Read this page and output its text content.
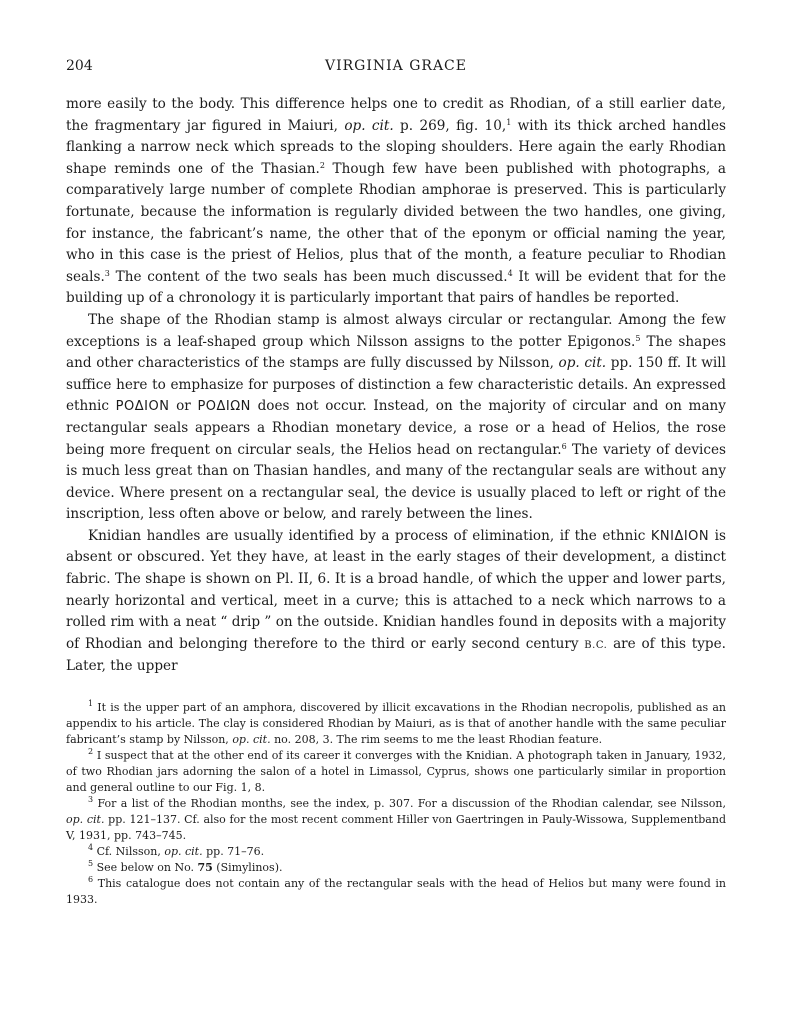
204	VIRGINIA GRACE

more easily to the body. This difference helps one to credit as Rhodian, of a still earlier date, the fragmentary jar figured in Maiuri, op. cit. p. 269, fig. 10,$^1$ with its thick arched handles flanking a narrow neck which spreads to the sloping shoulders. Here again the early Rhodian shape reminds one of the Thasian.$^2$ Though few have been published with photographs, a comparatively large number of complete Rhodian amphorae is preserved. This is particularly fortunate, because the information is regularly divided between the two handles, one giving, for instance, the fabricant’s name, the other that of the eponym or official naming the year, who in this case is the priest of Helios, plus that of the month, a feature peculiar to Rhodian seals.$^3$ The content of the two seals has been much discussed.$^4$ It will be evident that for the building up of a chronology it is particularly important that pairs of handles be reported.

The shape of the Rhodian stamp is almost always circular or rectangular. Among the few exceptions is a leaf-shaped group which Nilsson assigns to the potter Epigonos.$^5$ The shapes and other characteristics of the stamps are fully discussed by Nilsson, op. cit. pp. 150 ff. It will suffice here to emphasize for purposes of distinction a few characteristic details. An expressed ethnic ΡΟΔΙΟΝ or ΡΟΔΙΩΝ does not occur. Instead, on the majority of circular and on many rectangular seals appears a Rhodian monetary device, a rose or a head of Helios, the rose being more frequent on circular seals, the Helios head on rectangular.$^6$ The variety of devices is much less great than on Thasian handles, and many of the rectangular seals are without any device. Where present on a rectangular seal, the device is usually placed to left or right of the inscription, less often above or below, and rarely between the lines.

Knidian handles are usually identified by a process of elimination, if the ethnic ΚΝΙΔΙΟΝ is absent or obscured. Yet they have, at least in the early stages of their development, a distinct fabric. The shape is shown on Pl. II, 6. It is a broad handle, of which the upper and lower parts, nearly horizontal and vertical, meet in a curve; this is attached to a neck which narrows to a rolled rim with a neat “ drip ” on the outside. Knidian handles found in deposits with a majority of Rhodian and belonging therefore to the third or early second century B.C. are of this type. Later, the upper

$^1$ It is the upper part of an amphora, discovered by illicit excavations in the Rhodian necropolis, published as an appendix to his article. The clay is considered Rhodian by Maiuri, as is that of another handle with the same peculiar fabricant’s stamp by Nilsson, op. cit. no. 208, 3. The rim seems to me the least Rhodian feature.

$^2$ I suspect that at the other end of its career it converges with the Knidian. A photograph taken in January, 1932, of two Rhodian jars adorning the salon of a hotel in Limassol, Cyprus, shows one particularly similar in proportion and general outline to our Fig. 1, 8.

$^3$ For a list of the Rhodian months, see the index, p. 307. For a discussion of the Rhodian calendar, see Nilsson, op. cit. pp. 121–137. Cf. also for the most recent comment Hiller von Gaertringen in Pauly-Wissowa, Supplementband V, 1931, pp. 743–745.

$^4$ Cf. Nilsson, op. cit. pp. 71–76.

$^5$ See below on No. 75 (Simylinos).

$^6$ This catalogue does not contain any of the rectangular seals with the head of Helios but many were found in 1933.
